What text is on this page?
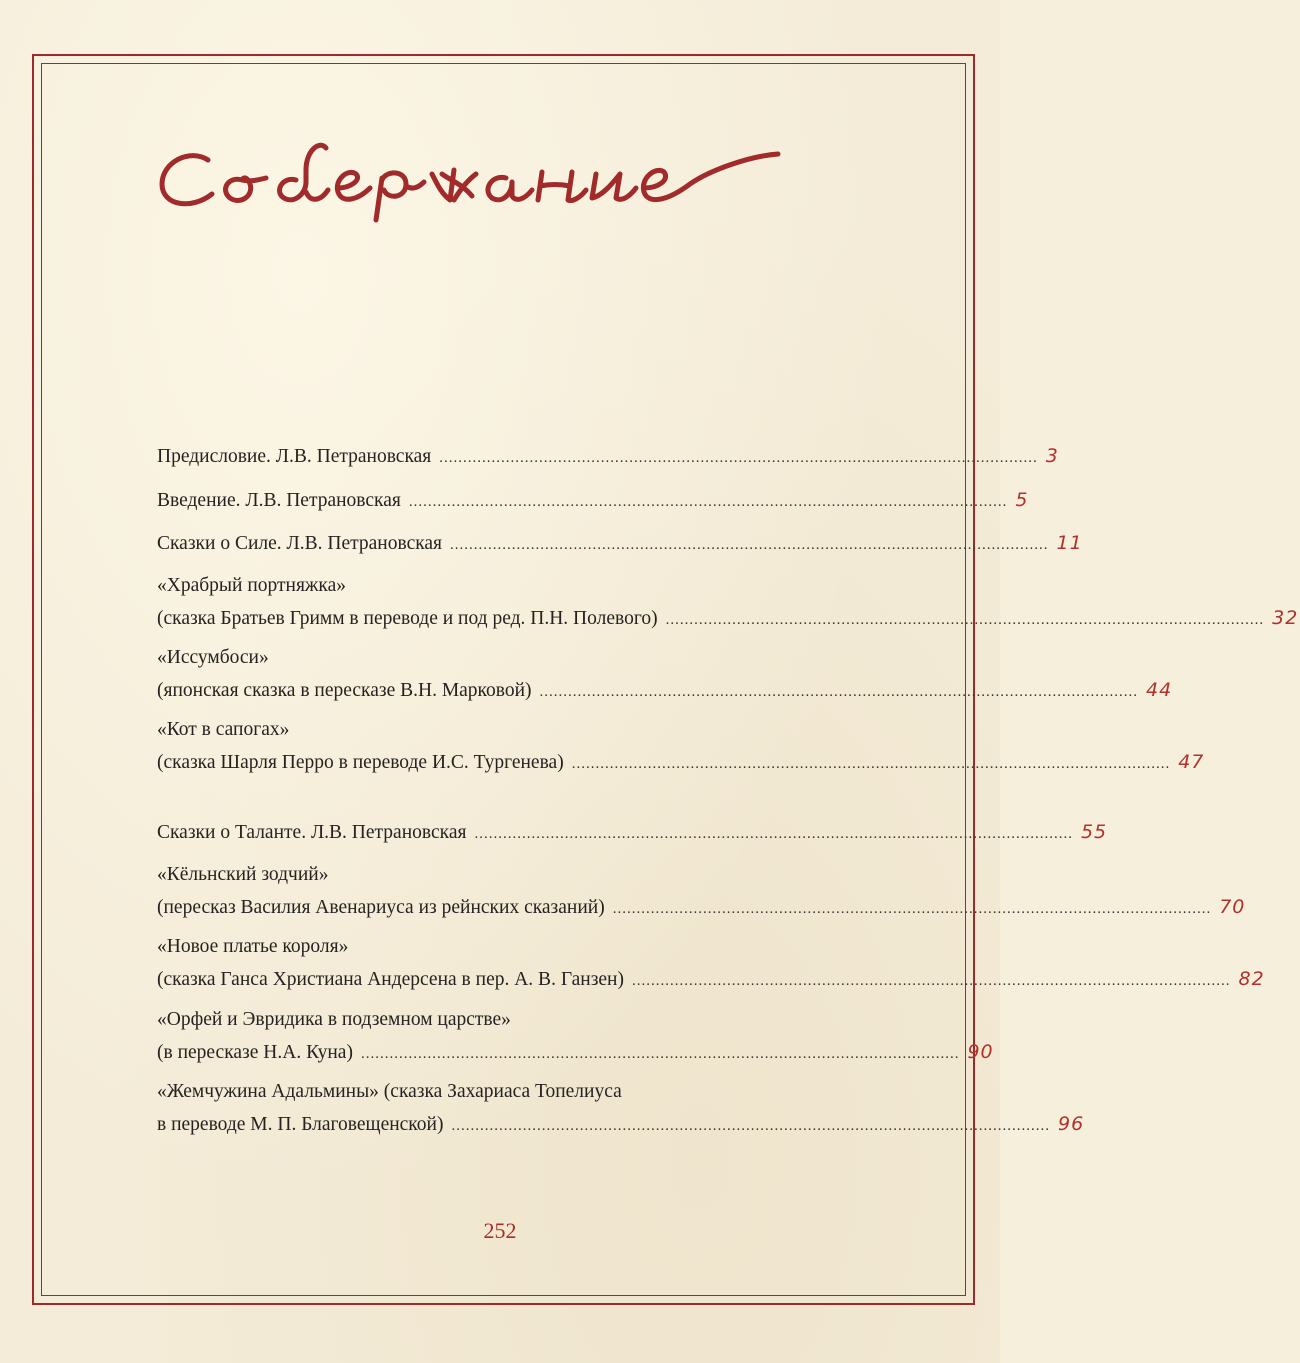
Предисловие. Л.В. Петрановская .............................................................................................................................. 3
Введение. Л.В. Петрановская .............................................................................................................................. 5
Сказки о Силе. Л.В. Петрановская .............................................................................................................................. 11
«Храбрый портняжка»
(сказка Братьев Гримм в переводе и под ред. П.Н. Полевого) .............................................................................................................................. 32
«Иссумбоси»
(японская сказка в пересказе В.Н. Марковой) .............................................................................................................................. 44
«Кот в сапогах»
(сказка Шарля Перро в переводе И.С. Тургенева) .............................................................................................................................. 47
Сказки о Таланте. Л.В. Петрановская .............................................................................................................................. 55
«Кёльнский зодчий»
(пересказ Василия Авенариуса из рейнских сказаний) .............................................................................................................................. 70
«Новое платье короля»
(сказка Ганса Христиана Андерсена в пер. А. В. Ганзен) .............................................................................................................................. 82
«Орфей и Эвридика в подземном царстве»
(в пересказе Н.А. Куна) .............................................................................................................................. 90
«Жемчужина Адальмины» (сказка Захариаса Топелиуса
в переводе М. П. Благовещенской) .............................................................................................................................. 96
252
